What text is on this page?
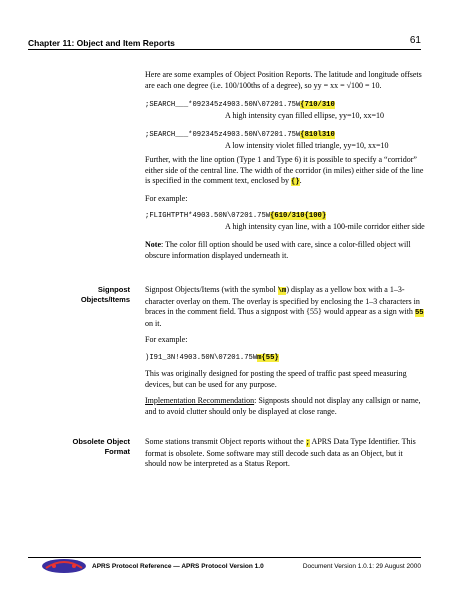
Chapter 11: Object and Item Reports	61

Here are some examples of Object Position Reports. The latitude and longitude offsets are each one degree (i.e. 100/100ths of a degree), so yy = xx = √100 = 10.

;SEARCH___*092345z4903.50N\07201.75W{710/310

A high intensity cyan filled ellipse, yy=10, xx=10

;SEARCH___*092345z4903.50N\07201.75W{810l310

A low intensity violet filled triangle, yy=10, xx=10

Further, with the line option (Type 1 and Type 6) it is possible to specify a “corridor” either side of the central line. The width of the corridor (in miles) either side of the line is specified in the comment text, enclosed by {}.

For example:

;FLIGHTPTH*4903.50N\07201.75W{610/310{100}

A high intensity cyan line, with a 100-mile corridor either side

Note: The color fill option should be used with care, since a color-filled object will obscure information displayed underneath it.

Signpost
Objects/Items

Signpost Objects/Items (with the symbol \m) display as a yellow box with a 1–3-character overlay on them. The overlay is specified by enclosing the 1–3 characters in braces in the comment field. Thus a signpost with {55} would appear as a sign with 55 on it.

For example:

)I91_3N!4903.50N\07201.75Wm{55}

This was originally designed for posting the speed of traffic past speed measuring devices, but can be used for any purpose.

Implementation Recommendation: Signposts should not display any callsign or name, and to avoid clutter should only be displayed at close range.

Obsolete Object
Format

Some stations transmit Object reports without the ; APRS Data Type Identifier. This format is obsolete. Some software may still decode such data as an Object, but it should now be interpreted as a Status Report.

APRS Protocol Reference — APRS Protocol Version 1.0	Document Version 1.0.1: 29 August 2000
